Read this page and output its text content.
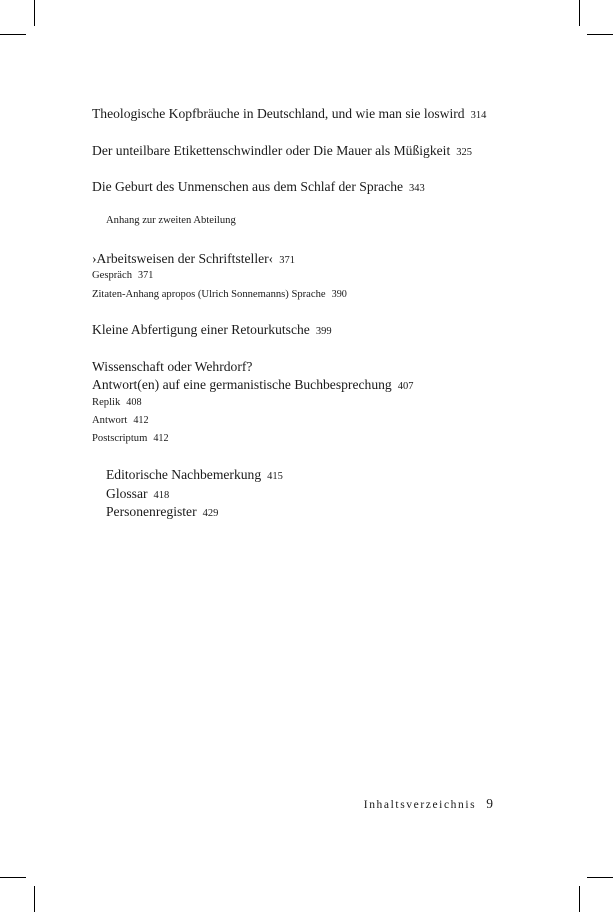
Theologische Kopfbräuche in Deutschland, und wie man sie loswird 314
Der unteilbare Etikettenschwindler oder Die Mauer als Müßigkeit 325
Die Geburt des Unmenschen aus dem Schlaf der Sprache 343
Anhang zur zweiten Abteilung
›Arbeitsweisen der Schriftsteller‹ 371
Gespräch 371
Zitaten-Anhang apropos (Ulrich Sonnemanns) Sprache 390
Kleine Abfertigung einer Retourkutsche 399
Wissenschaft oder Wehrdorf?
Antwort(en) auf eine germanistische Buchbesprechung 407
Replik 408
Antwort 412
Postscriptum 412
Editorische Nachbemerkung 415
Glossar 418
Personenregister 429
Inhaltsverzeichnis 9
